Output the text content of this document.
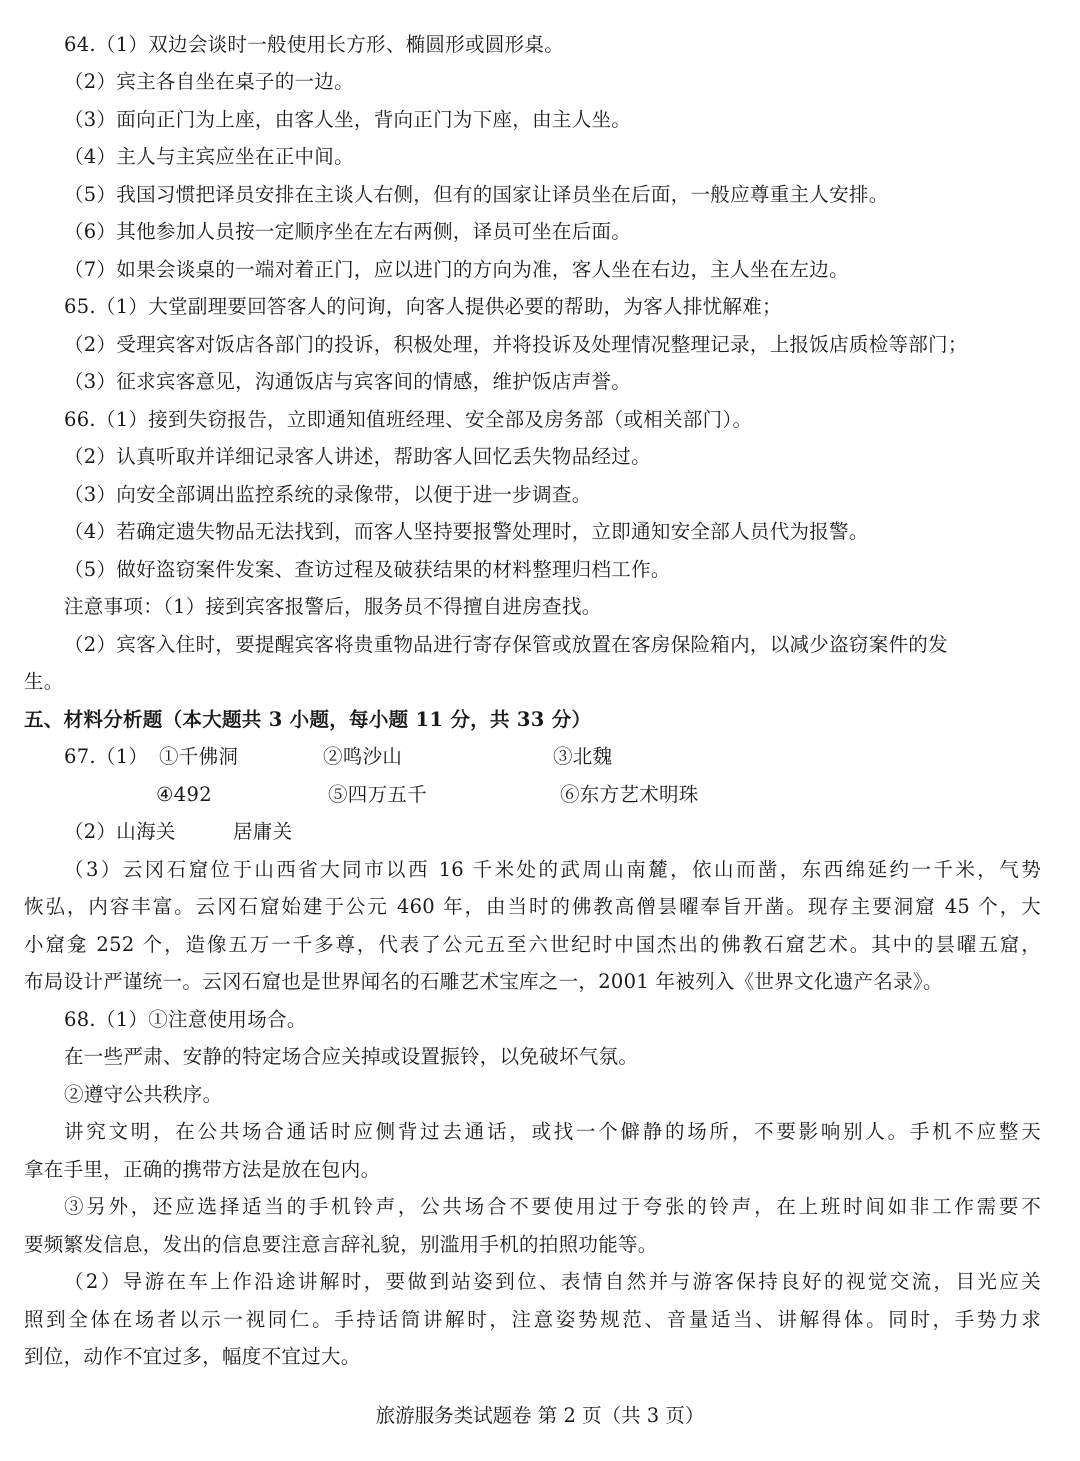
64.（1）双边会谈时一般使用长方形、椭圆形或圆形桌。
（2）宾主各自坐在桌子的一边。
（3）面向正门为上座，由客人坐，背向正门为下座，由主人坐。
（4）主人与主宾应坐在正中间。
（5）我国习惯把译员安排在主谈人右侧，但有的国家让译员坐在后面，一般应尊重主人安排。
（6）其他参加人员按一定顺序坐在左右两侧，译员可坐在后面。
（7）如果会谈桌的一端对着正门，应以进门的方向为准，客人坐在右边，主人坐在左边。
65.（1）大堂副理要回答客人的问询，向客人提供必要的帮助，为客人排忧解难；
（2）受理宾客对饭店各部门的投诉，积极处理，并将投诉及处理情况整理记录，上报饭店质检等部门；
（3）征求宾客意见，沟通饭店与宾客间的情感，维护饭店声誉。
66.（1）接到失窃报告，立即通知值班经理、安全部及房务部（或相关部门）。
（2）认真听取并详细记录客人讲述，帮助客人回忆丢失物品经过。
（3）向安全部调出监控系统的录像带，以便于进一步调查。
（4）若确定遗失物品无法找到，而客人坚持要报警处理时，立即通知安全部人员代为报警。
（5）做好盗窃案件发案、查访过程及破获结果的材料整理归档工作。
注意事项：（1）接到宾客报警后，服务员不得擅自进房查找。
（2）宾客入住时，要提醒宾客将贵重物品进行寄存保管或放置在客房保险箱内，以减少盗窃案件的发
生。
五、材料分析题（本大题共 3 小题，每小题 11 分，共 33 分）
67.（1） ①千佛洞	②鸣沙山	③北魏
④492	⑤四万五千	⑥东方艺术明珠
（2）山海关	居庸关
（3）云冈石窟位于山西省大同市以西 16 千米处的武周山南麓，依山而凿，东西绵延约一千米，气势
恢弘，内容丰富。云冈石窟始建于公元 460 年，由当时的佛教高僧昙曜奉旨开凿。现存主要洞窟 45 个，大
小窟龛 252 个，造像五万一千多尊，代表了公元五至六世纪时中国杰出的佛教石窟艺术。其中的昙曜五窟，
布局设计严谨统一。云冈石窟也是世界闻名的石雕艺术宝库之一，2001 年被列入《世界文化遗产名录》。
68.（1）①注意使用场合。
在一些严肃、安静的特定场合应关掉或设置振铃，以免破坏气氛。
②遵守公共秩序。
讲究文明，在公共场合通话时应侧背过去通话，或找一个僻静的场所，不要影响别人。手机不应整天
拿在手里，正确的携带方法是放在包内。
③另外，还应选择适当的手机铃声，公共场合不要使用过于夸张的铃声，在上班时间如非工作需要不
要频繁发信息，发出的信息要注意言辞礼貌，别滥用手机的拍照功能等。
（2）导游在车上作沿途讲解时，要做到站姿到位、表情自然并与游客保持良好的视觉交流，目光应关
照到全体在场者以示一视同仁。手持话筒讲解时，注意姿势规范、音量适当、讲解得体。同时，手势力求
到位，动作不宜过多，幅度不宜过大。
旅游服务类试题卷 第 2 页（共 3 页）
